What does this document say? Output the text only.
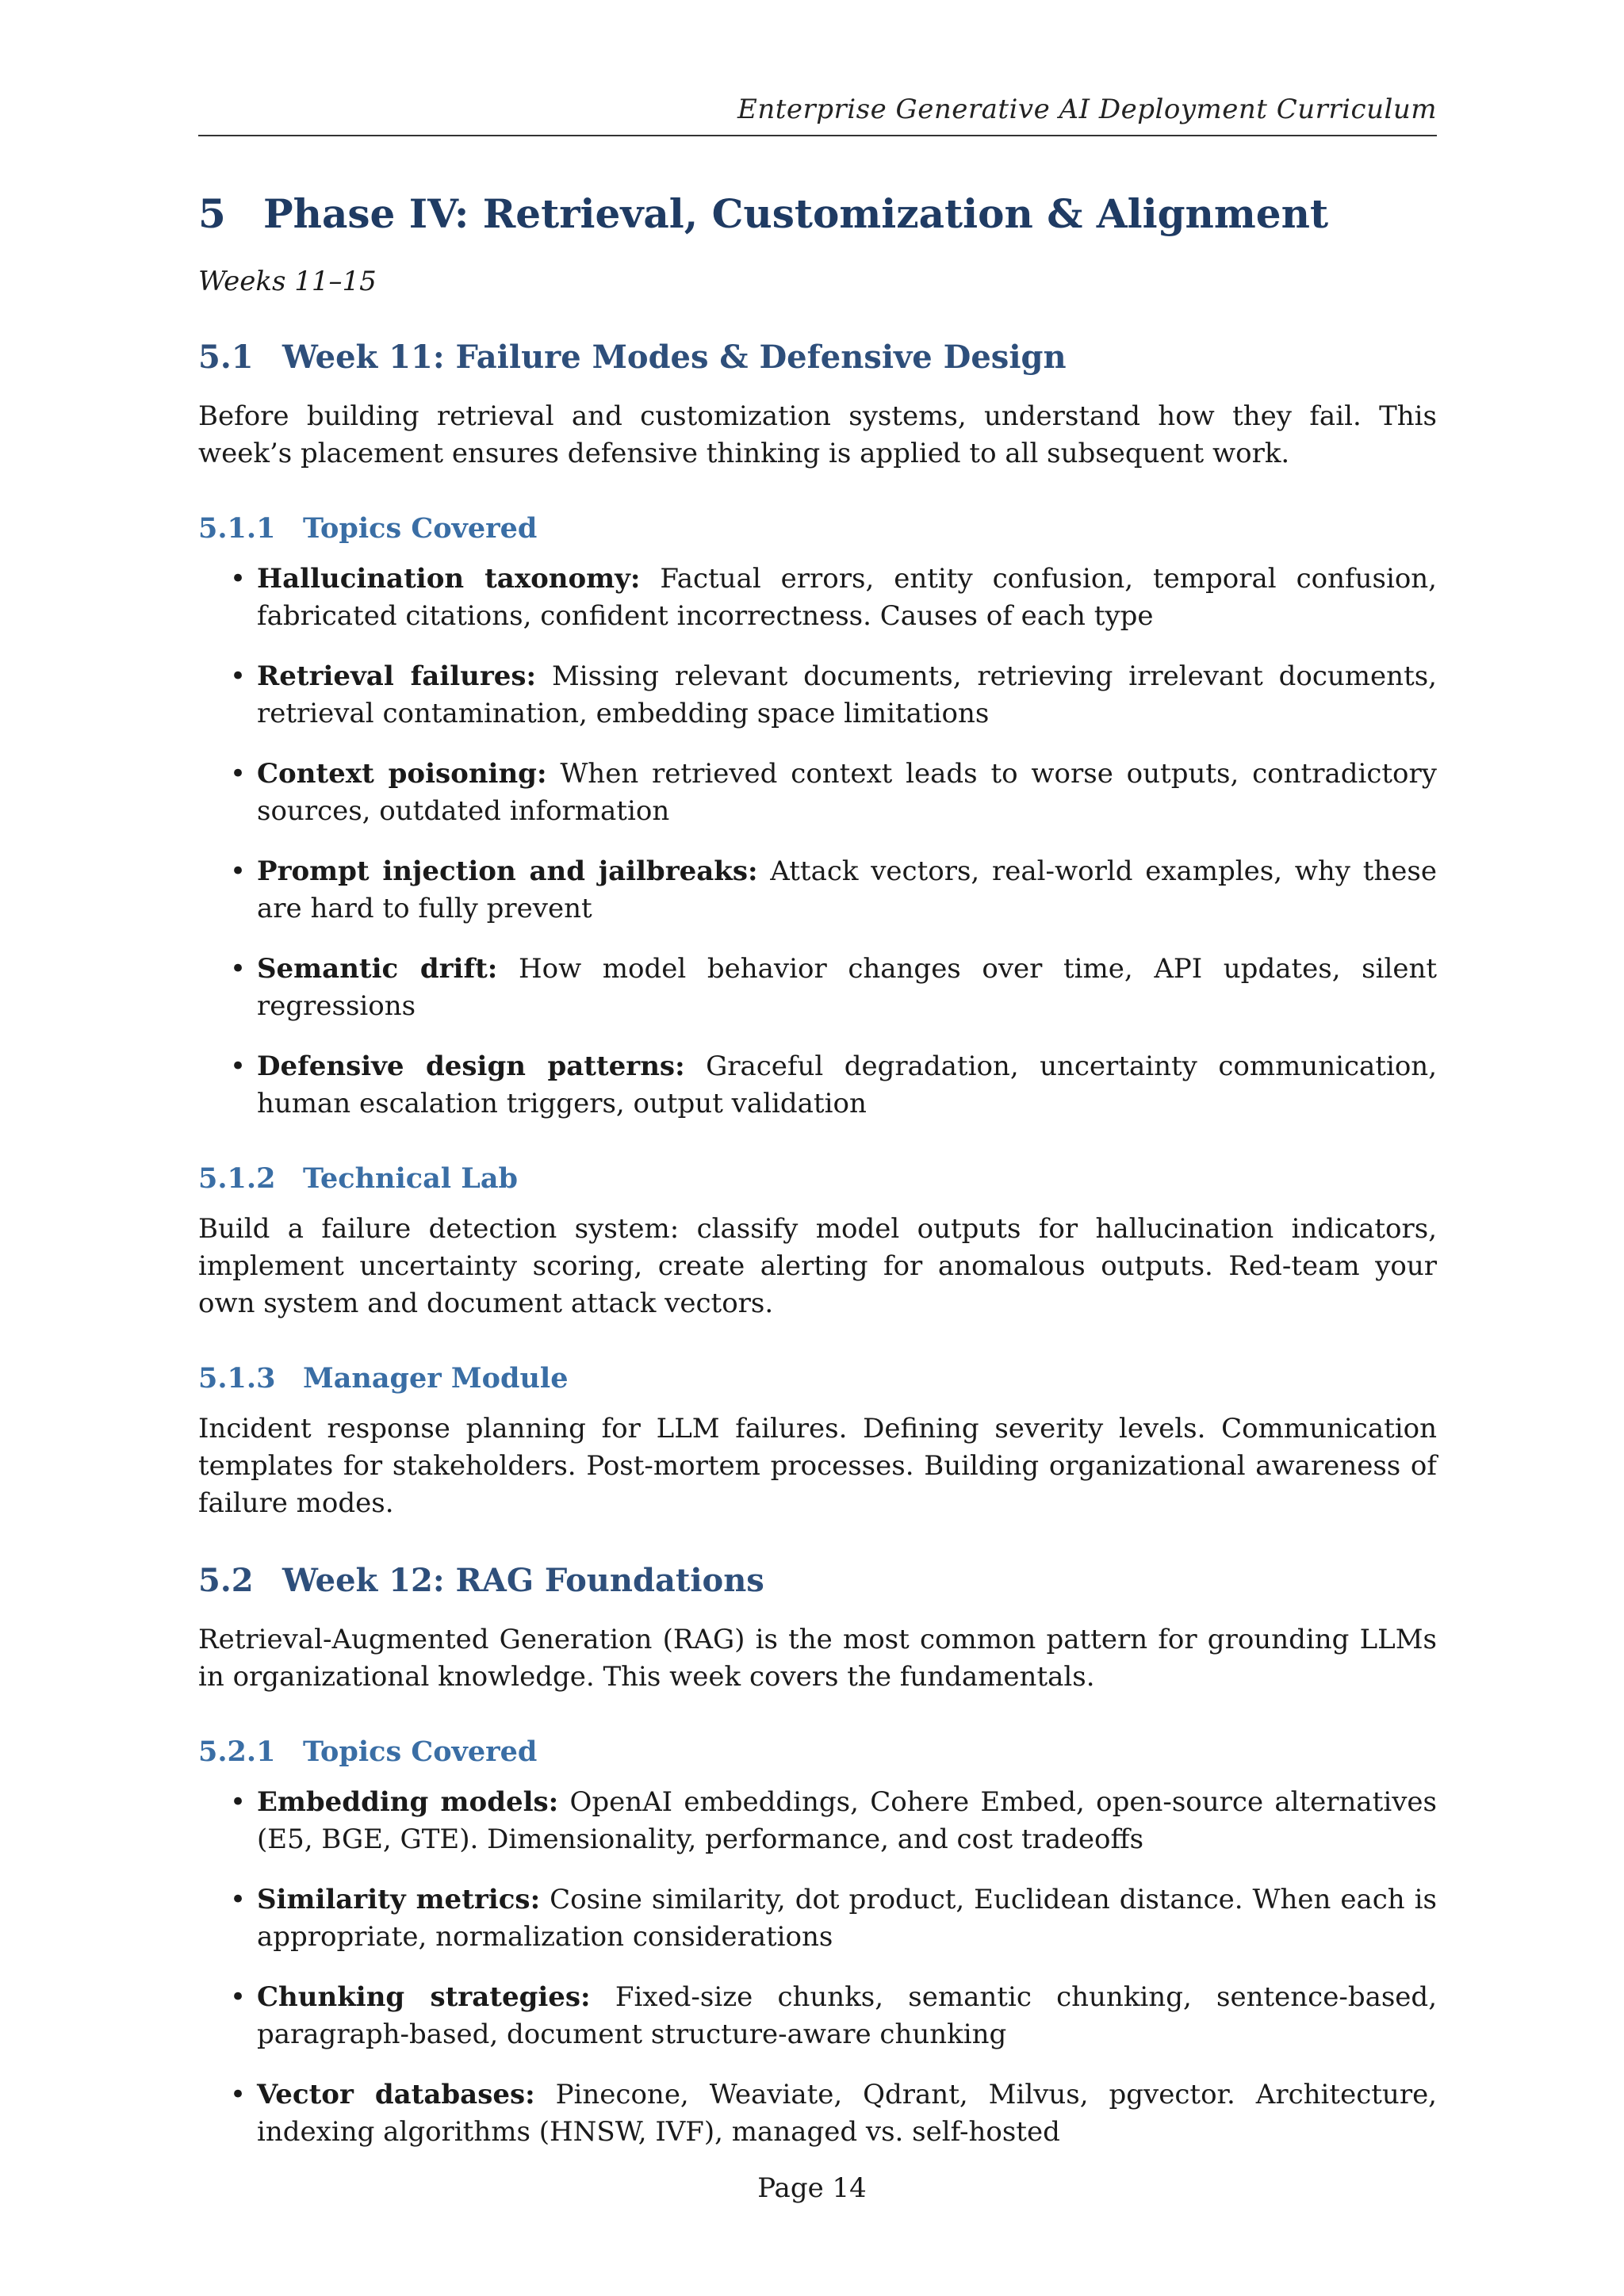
Enterprise Generative AI Deployment Curriculum
5 Phase IV: Retrieval, Customization & Alignment
Weeks 11–15
5.1 Week 11: Failure Modes & Defensive Design

Before building retrieval and customization systems, understand how they fail. This week’s placement ensures defensive thinking is applied to all subsequent work.

5.1.1 Topics Covered
• Hallucination taxonomy: Factual errors, entity confusion, temporal confusion, fabricated citations, confident incorrectness. Causes of each type
• Retrieval failures: Missing relevant documents, retrieving irrelevant documents, retrieval contamination, embedding space limitations
• Context poisoning: When retrieved context leads to worse outputs, contradictory sources, outdated information
• Prompt injection and jailbreaks: Attack vectors, real-world examples, why these are hard to fully prevent
• Semantic drift: How model behavior changes over time, API updates, silent regressions
• Defensive design patterns: Graceful degradation, uncertainty communication, human escalation triggers, output validation
5.1.2 Technical Lab

Build a failure detection system: classify model outputs for hallucination indicators, implement uncertainty scoring, create alerting for anomalous outputs. Red-team your own system and document attack vectors.

5.1.3 Manager Module

Incident response planning for LLM failures. Defining severity levels. Communication templates for stakeholders. Post-mortem processes. Building organizational awareness of failure modes.

5.2 Week 12: RAG Foundations

Retrieval-Augmented Generation (RAG) is the most common pattern for grounding LLMs in organizational knowledge. This week covers the fundamentals.

5.2.1 Topics Covered
• Embedding models: OpenAI embeddings, Cohere Embed, open-source alternatives (E5, BGE, GTE). Dimensionality, performance, and cost tradeoffs
• Similarity metrics: Cosine similarity, dot product, Euclidean distance. When each is appropriate, normalization considerations
• Chunking strategies: Fixed-size chunks, semantic chunking, sentence-based, paragraph-based, document structure-aware chunking
• Vector databases: Pinecone, Weaviate, Qdrant, Milvus, pgvector. Architecture, indexing algorithms (HNSW, IVF), managed vs. self-hosted
Page 14
